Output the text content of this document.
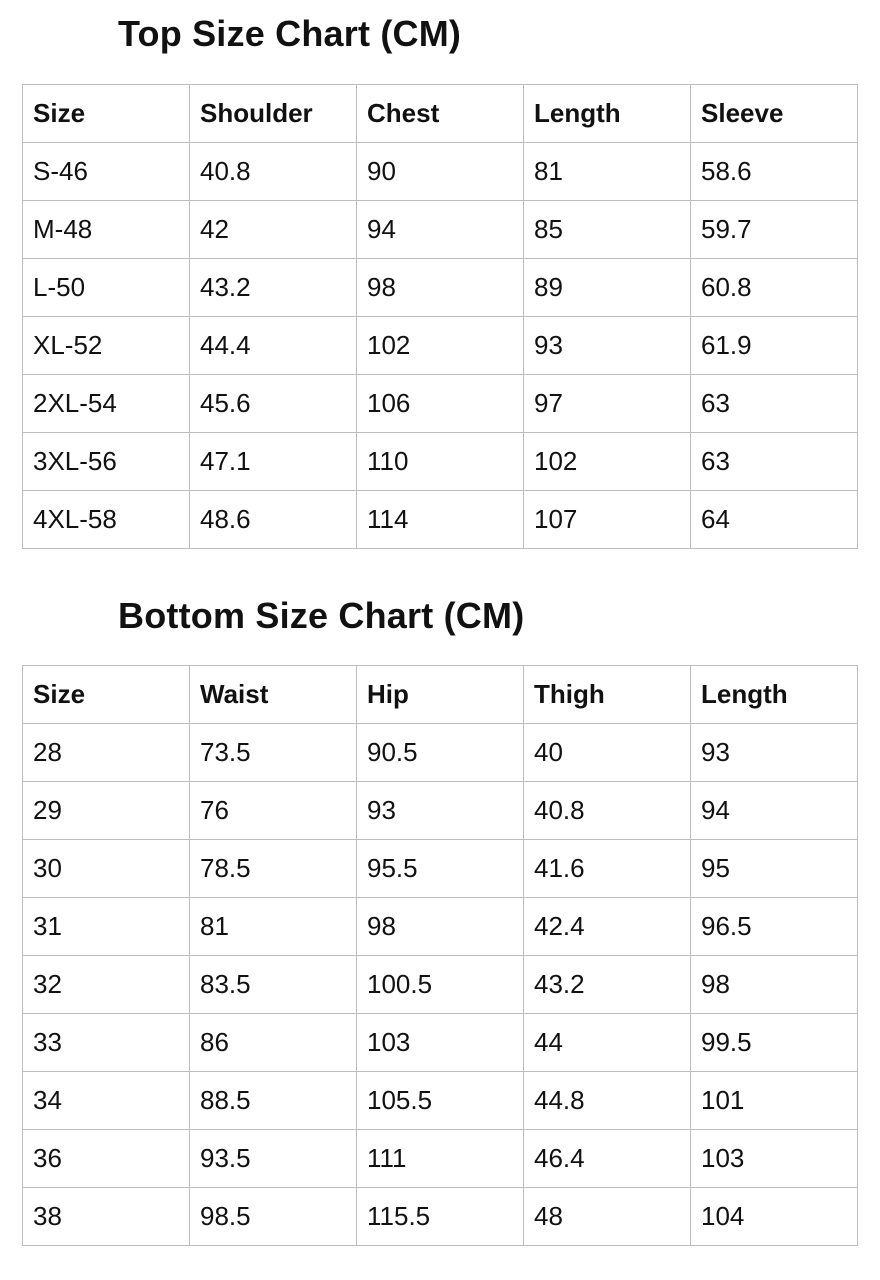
Top Size Chart (CM)
Size	Shoulder	Chest	Length	Sleeve
S-46	40.8	90	81	58.6
M-48	42	94	85	59.7
L-50	43.2	98	89	60.8
XL-52	44.4	102	93	61.9
2XL-54	45.6	106	97	63
3XL-56	47.1	110	102	63
4XL-58	48.6	114	107	64
Bottom Size Chart (CM)
Size	Waist	Hip	Thigh	Length
28	73.5	90.5	40	93
29	76	93	40.8	94
30	78.5	95.5	41.6	95
31	81	98	42.4	96.5
32	83.5	100.5	43.2	98
33	86	103	44	99.5
34	88.5	105.5	44.8	101
36	93.5	111	46.4	103
38	98.5	115.5	48	104
